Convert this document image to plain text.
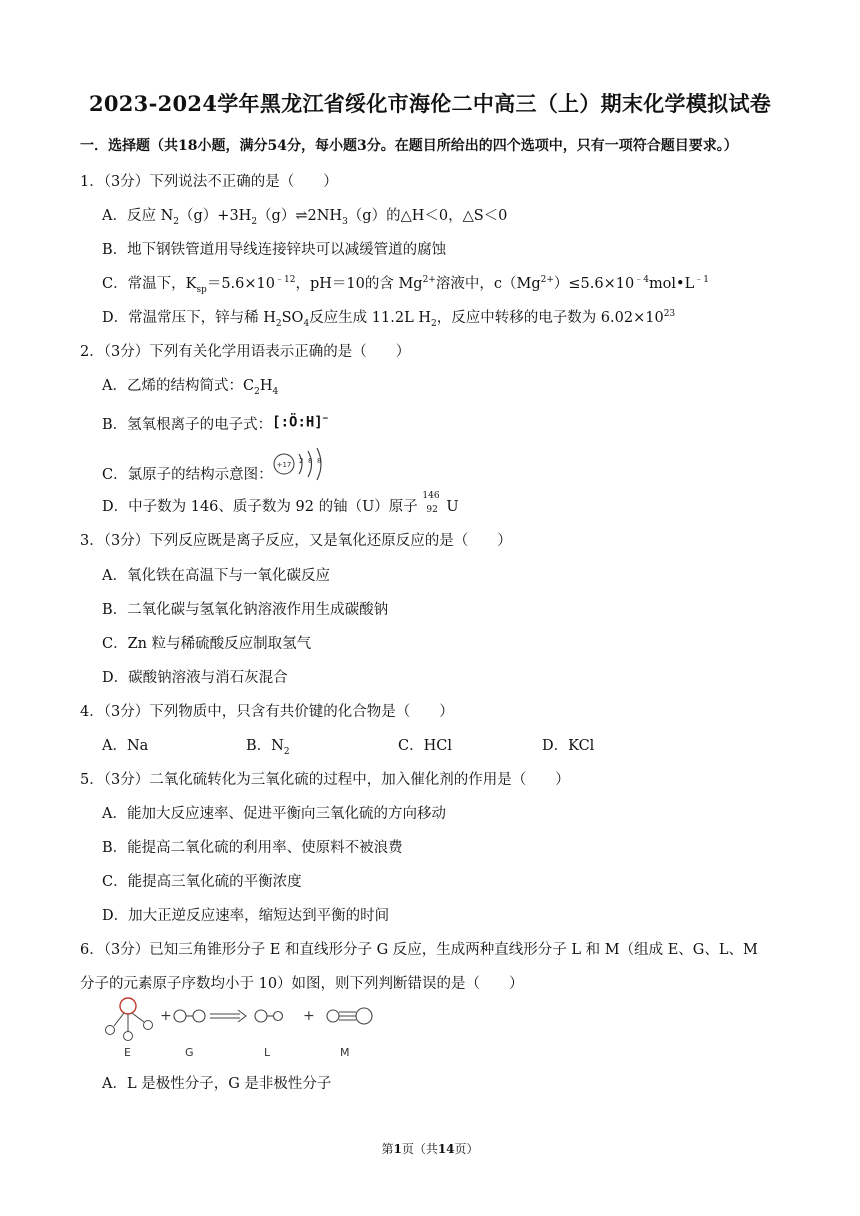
2023-2024学年黑龙江省绥化市海伦二中高三（上）期末化学模拟试卷
一．选择题（共18小题，满分54分，每小题3分。在题目所给出的四个选项中，只有一项符合题目要求。）
1．（3分）下列说法不正确的是（　　）
A．反应 $N_2(g)+3H_2(g)\rightleftharpoons 2NH_3(g)$的△H＜0，△S＜0
B．地下钢铁管道用导线连接锌块可以减缓管道的腐蚀
C．常温下，$K_{sp}=5.6\times 10^{﹣12}$，pH＝10的含 $Mg^{2+}$溶液中，$c(Mg^{2+})\le 5.6\times 10^{﹣4}mol•L^{﹣1}$
D．常温常压下，锌与稀 $H_2SO_4$反应生成 11.2L $H_2$，反应中转移的电子数为 $6.02\times 10^{23}$
2．（3分）下列有关化学用语表示正确的是（　　）
A．乙烯的结构简式：$C_2H_4$
B．氢氧根离子的电子式：[:Ö:H]−
C．氯原子的结构示意图：
+17 2 8 8
D．中子数为 146、质子数为 92 的铀（U）原子
146
92 U
3．（3分）下列反应既是离子反应，又是氧化还原反应的是（　　）
A．氧化铁在高温下与一氧化碳反应
B．二氧化碳与氢氧化钠溶液作用生成碳酸钠
C．Zn 粒与稀硫酸反应制取氢气
D．碳酸钠溶液与消石灰混合
4．（3分）下列物质中，只含有共价键的化合物是（　　）
A．Na	B．$N_2$	C．HCl	D．KCl
5．（3分）二氧化硫转化为三氧化硫的过程中，加入催化剂的作用是（　　）
A．能加大反应速率、促进平衡向三氧化硫的方向移动
B．能提高二氧化硫的利用率、使原料不被浪费
C．能提高三氧化硫的平衡浓度
D．加大正逆反应速率，缩短达到平衡的时间
6．（3分）已知三角锥形分子 E 和直线形分子 G 反应，生成两种直线形分子 L 和 M（组成 E、G、L、M
分子的元素原子序数均小于 10）如图，则下列判断错误的是（　　）
E
+
G	L
+
M
A．L 是极性分子，G 是非极性分子
第1页（共14页）
